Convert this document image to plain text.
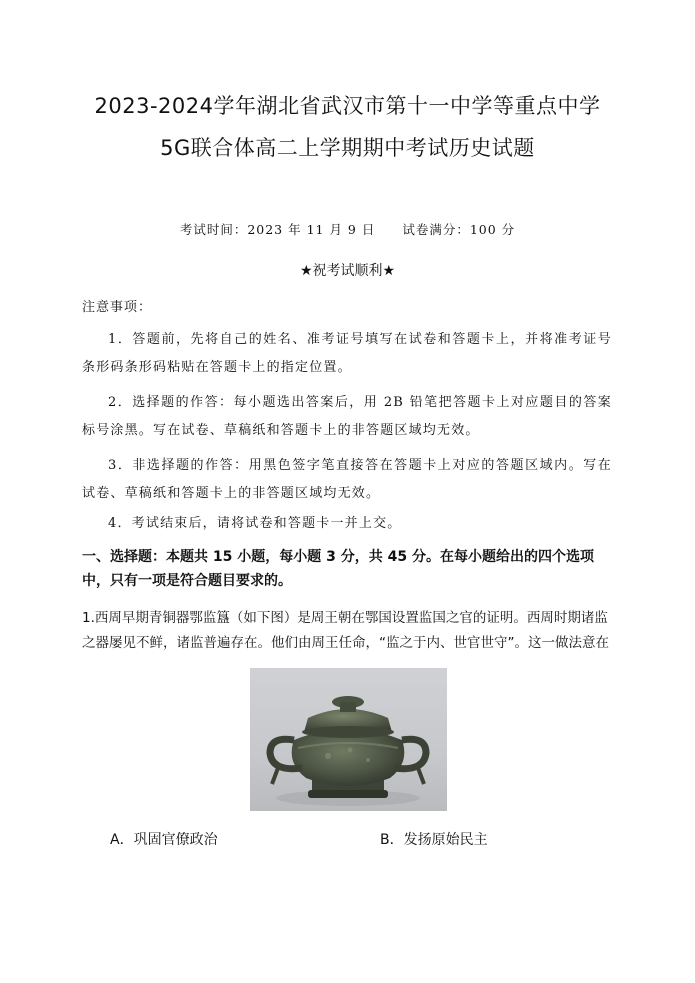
2023-2024学年湖北省武汉市第十一中学等重点中学
5G联合体高二上学期期中考试历史试题
考试时间：2023 年 11 月 9 日 试卷满分：100 分
★祝考试顺利★
注意事项：
1．答题前，先将自己的姓名、准考证号填写在试卷和答题卡上，并将准考证号条形码条形码粘贴在答题卡上的指定位置。
2．选择题的作答：每小题选出答案后，用 2B 铅笔把答题卡上对应题目的答案标号涂黑。写在试卷、草稿纸和答题卡上的非答题区域均无效。
3．非选择题的作答：用黑色签字笔直接答在答题卡上对应的答题区域内。写在试卷、草稿纸和答题卡上的非答题区域均无效。
4．考试结束后，请将试卷和答题卡一并上交。
一、选择题：本题共 15 小题，每小题 3 分，共 45 分。在每小题给出的四个选项中，只有一项是符合题目要求的。
1.西周早期青铜器鄂监簋（如下图）是周王朝在鄂国设置监国之官的证明。西周时期诸监之器屡见不鲜，诸监普遍存在。他们由周王任命，“监之于内、世官世守”。这一做法意在
A．巩固官僚政治	B．发扬原始民主
